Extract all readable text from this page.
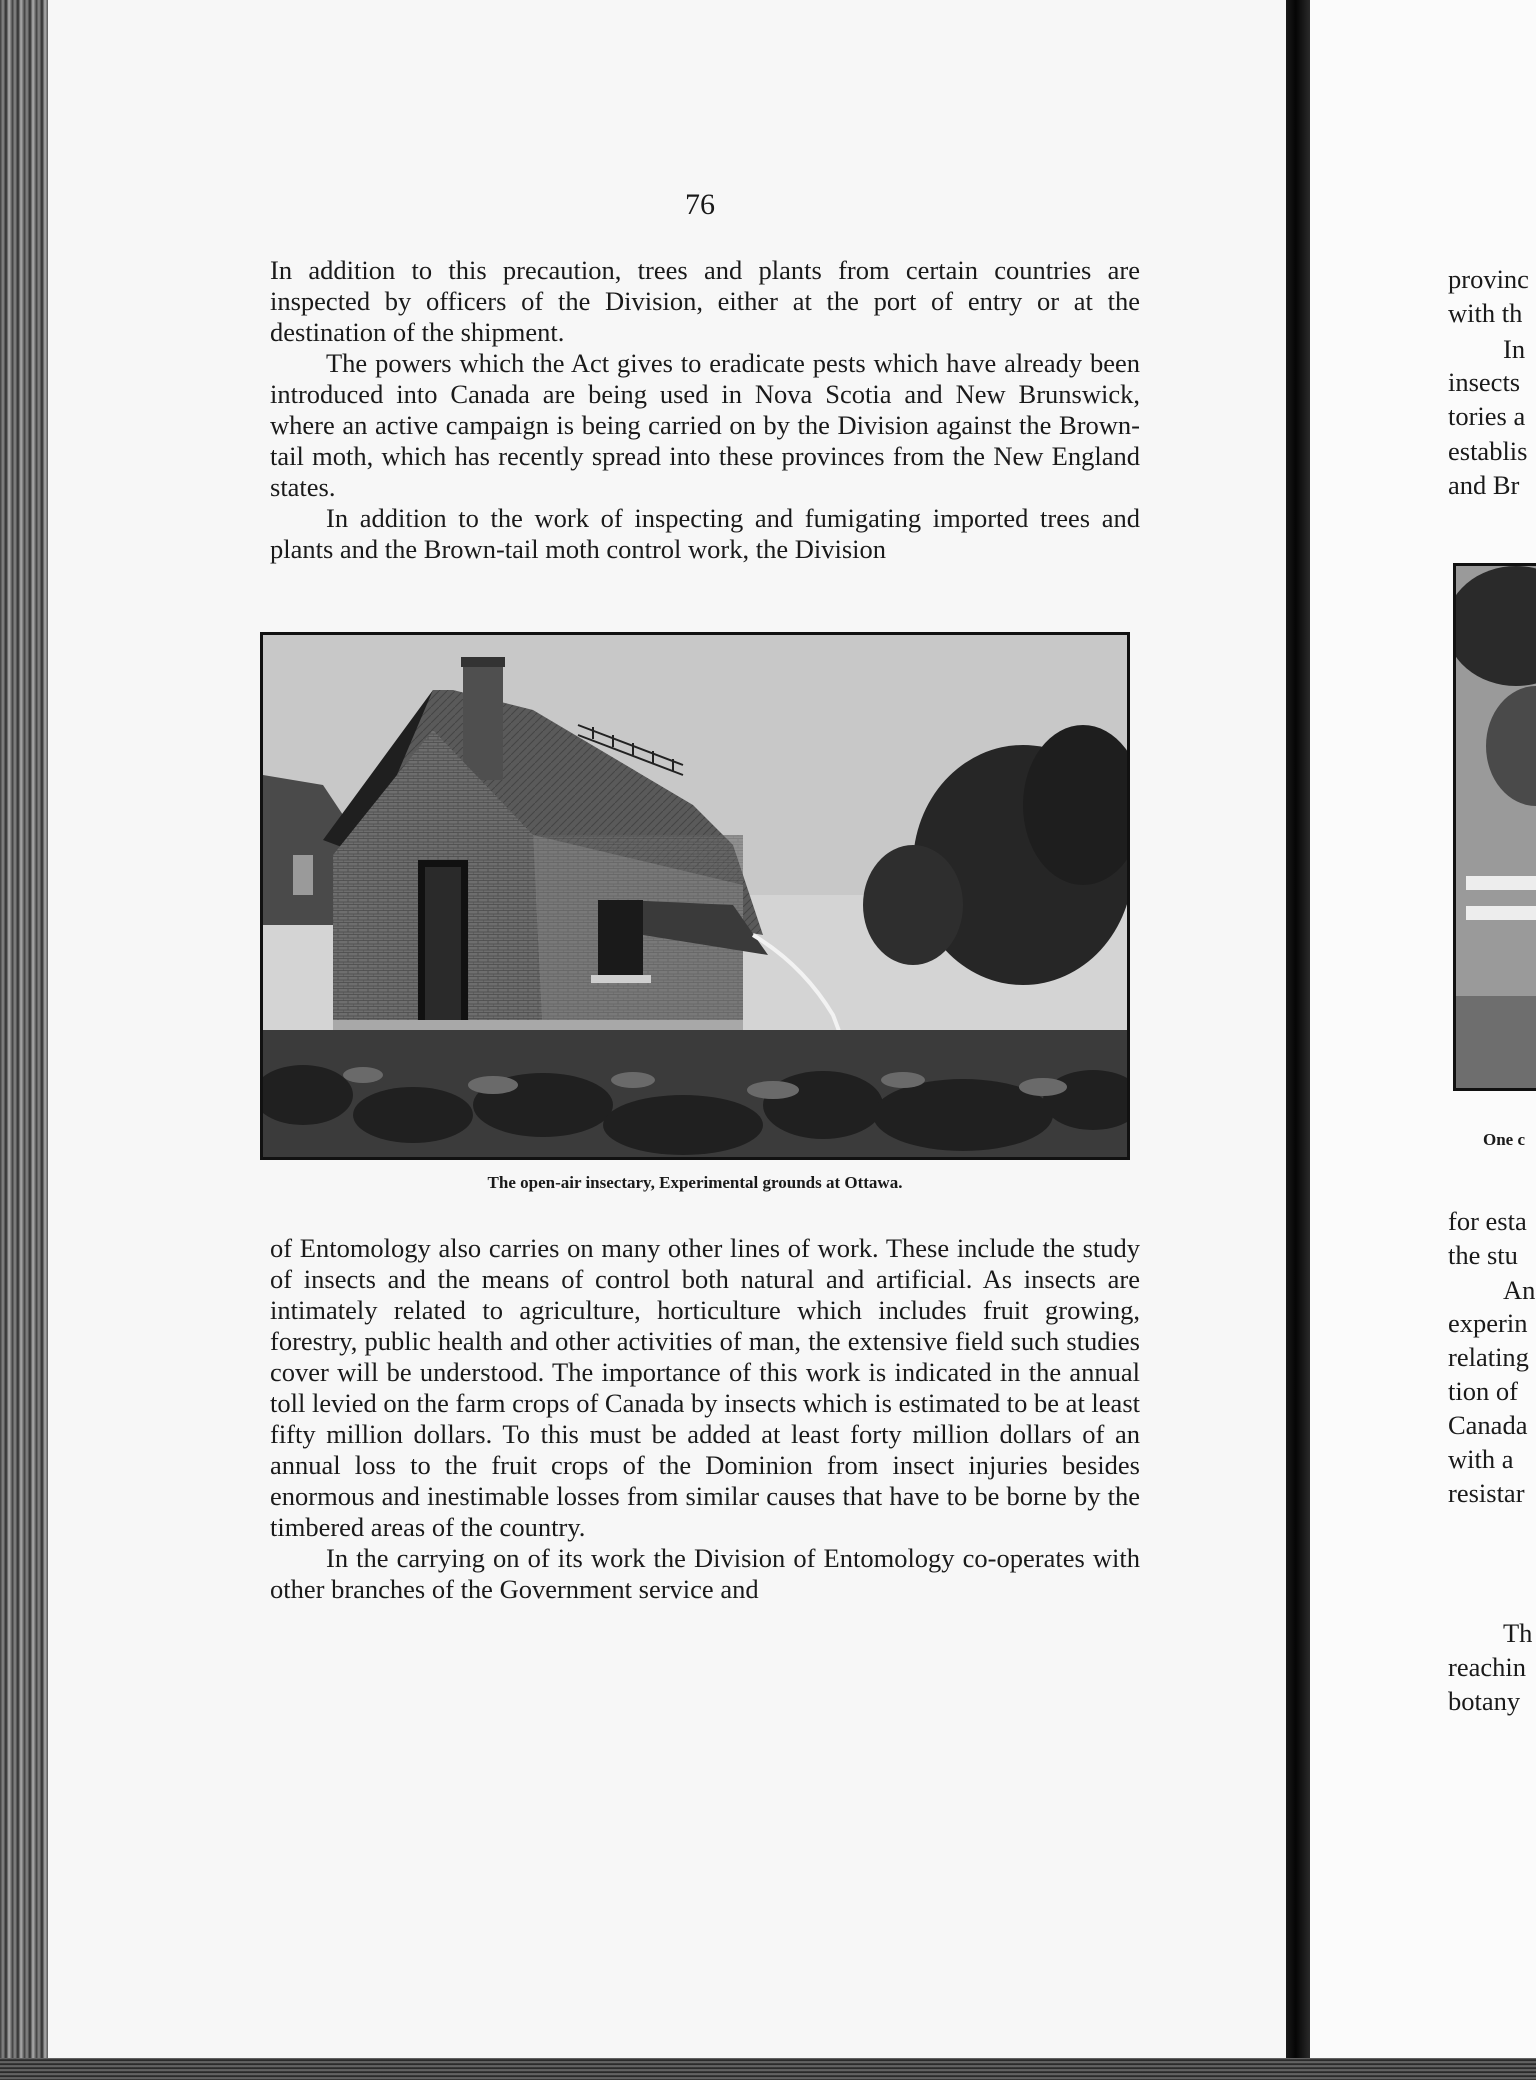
76

In addition to this precaution, trees and plants from certain countries are inspected by officers of the Division, either at the port of entry or at the destination of the shipment.

The powers which the Act gives to eradicate pests which have already been introduced into Canada are being used in Nova Scotia and New Brunswick, where an active campaign is being carried on by the Division against the Brown-tail moth, which has recently spread into these provinces from the New England states.

In addition to the work of inspecting and fumigating imported trees and plants and the Brown-tail moth control work, the Division

The open-air insectary, Experimental grounds at Ottawa.

of Entomology also carries on many other lines of work. These include the study of insects and the means of control both natural and artificial. As insects are intimately related to agriculture, horticulture which includes fruit growing, forestry, public health and other activities of man, the extensive field such studies cover will be understood. The importance of this work is indicated in the annual toll levied on the farm crops of Canada by insects which is estimated to be at least fifty million dollars. To this must be added at least forty million dollars of an annual loss to the fruit crops of the Dominion from insect injuries besides enormous and inestimable losses from similar causes that have to be borne by the timbered areas of the country.

In the carrying on of its work the Division of Entomology co-operates with other branches of the Government service and

provinc
with th
In
insects
tories a
establis
and Br
One c
for esta
the stu
An
experin
relating
tion of
Canada
with a
resistar
Th
reachin
botany
